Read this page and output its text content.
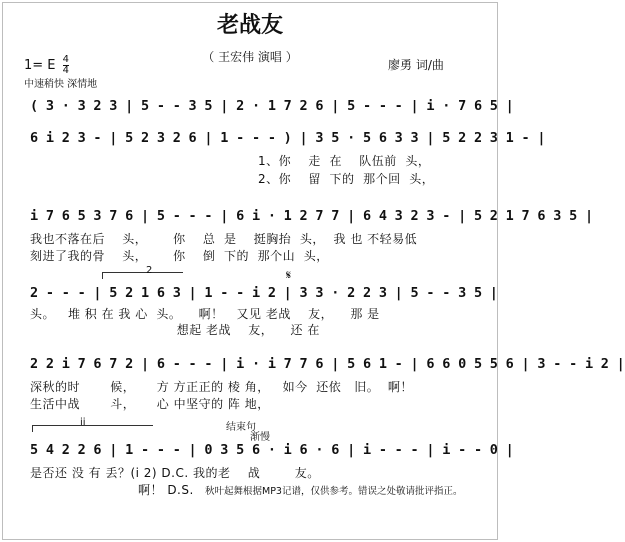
老战友
（ 王宏伟 演唱 ）
1= E $\frac{4}{4}$
中速稍快 深情地
廖勇 词/曲
( 3 · 3 2 3 | 5 - - 3 5 | 2 · 1 7 2 6 | 5 - - - | i · 7 6 5 |
6 i 2 3 - | 5 2 3 2 6 | 1 - - - ) | 3 5 · 5 6 3 3 | 5 2 2 3 1 - |
1、你    走  在    队伍前  头，
2、你    留  下的  那个回  头，
i 7 6 5 3 7 6 | 5 - - - | 6 i · 1 2 7 7 | 6 4 3 2 3 - | 5 2 1 7 6 3 5 |
我也不落在后    头，      你    总  是    挺胸抬  头，  我 也 不轻易低
刻进了我的骨    头，      你    倒  下的  那个山  头，
2	𝄋
2 - - - | 5 2 1 6 3 | 1 - - i 2 | 3 3 · 2 2 3 | 5 - - 3 5 |
头。   堆 积 在 我 心  头。    啊！   又见 老战    友，    那 是
想起 老战    友，    还 在
2 2 i 7 6 7 2 | 6 - - - | i · i 7 7 6 | 5 6 1 - | 6 6 0 5 5 6 | 3 - - i 2 |
深秋的时       候，     方 方正正的 棱 角，   如今  还依   旧。  啊！
生活中战       斗，     心 中坚守的 阵 地，
ii	结束句
渐慢
5 4 2 2 6 | 1 - - - | 0 3 5 6 · i 6 · 6 | i - - - | i - - 0 |
是否还 没 有 丢？(i 2) D.C. 我的老    战        友。
啊！ D.S. 秋叶起舞根据MP3记谱，仅供参考。错误之处敬请批评指正。
